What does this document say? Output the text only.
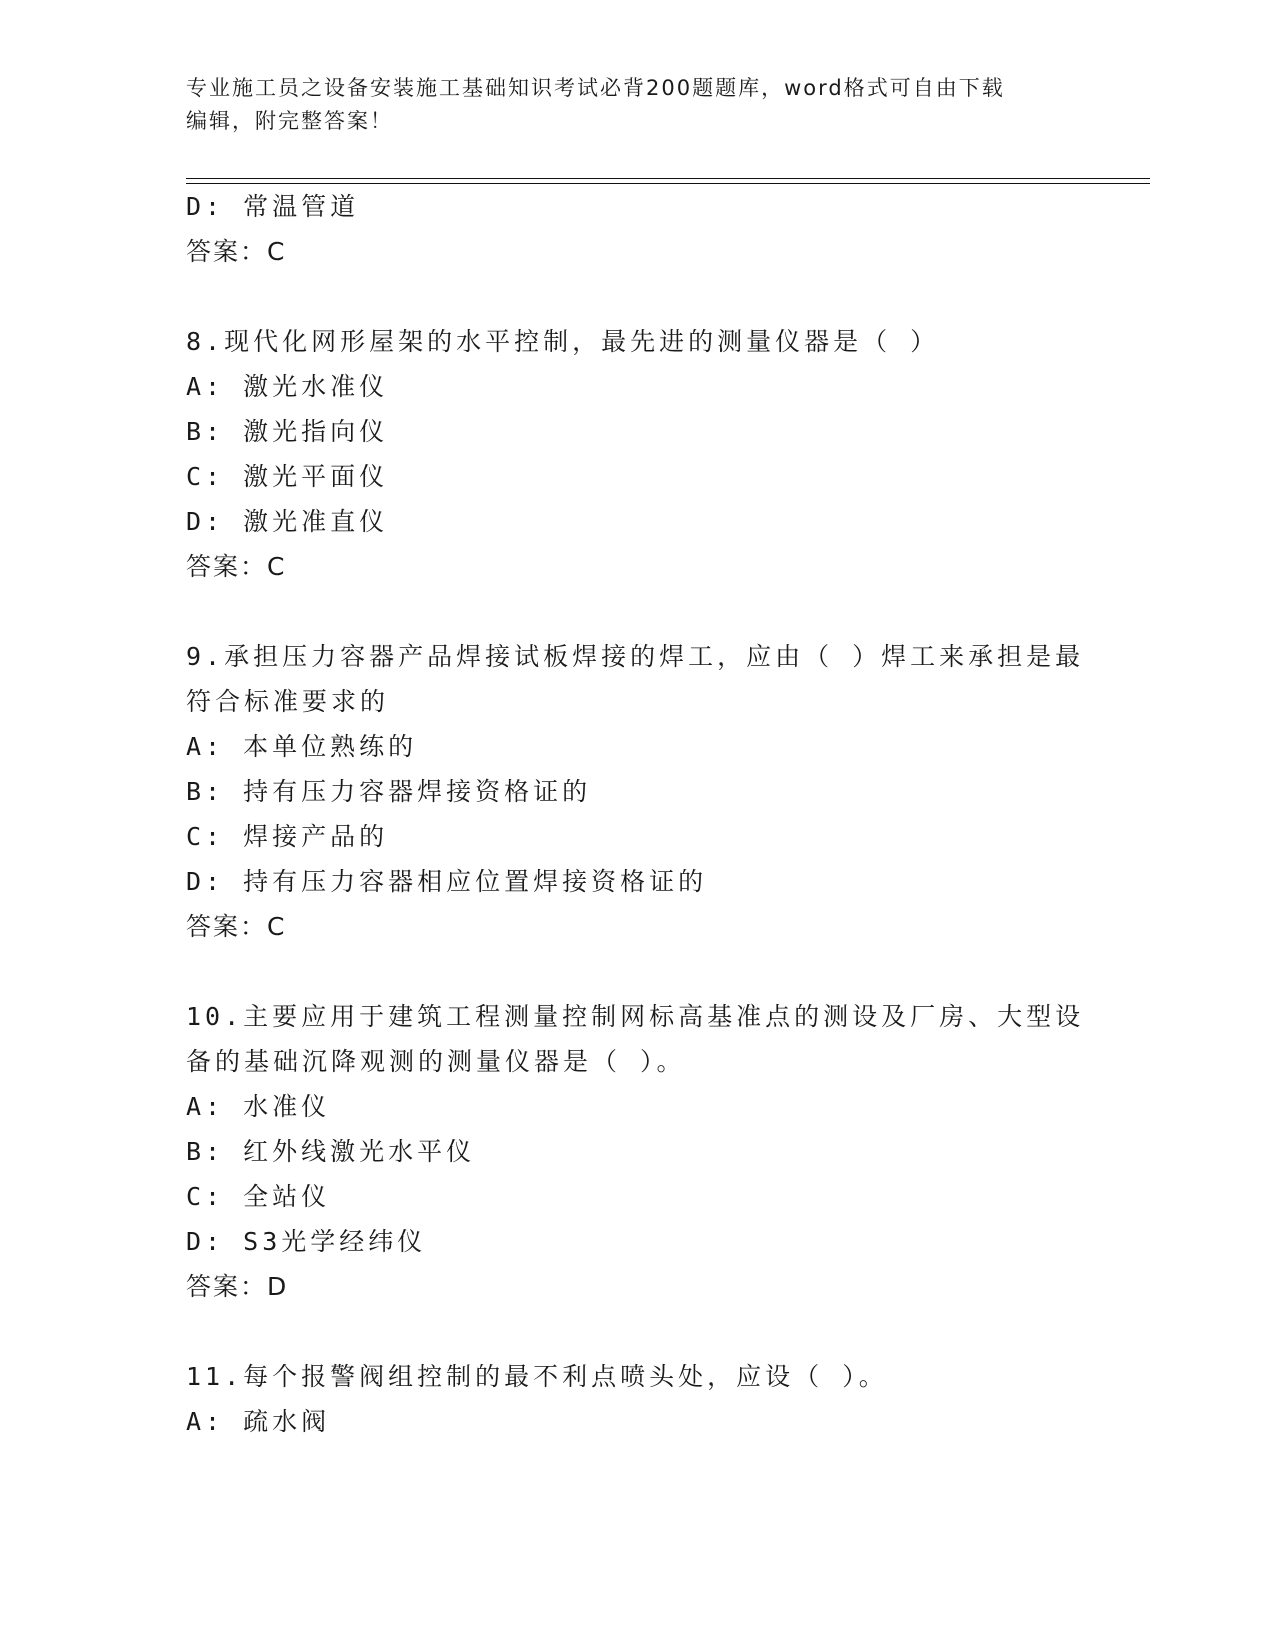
专业施工员之设备安装施工基础知识考试必背200题题库，word格式可自由下载
编辑，附完整答案！
D: 常温管道
答案：C
8.现代化网形屋架的水平控制，最先进的测量仪器是（ ）
A: 激光水准仪
B: 激光指向仪
C: 激光平面仪
D: 激光准直仪
答案：C
9.承担压力容器产品焊接试板焊接的焊工，应由（ ）焊工来承担是最
符合标准要求的
A: 本单位熟练的
B: 持有压力容器焊接资格证的
C: 焊接产品的
D: 持有压力容器相应位置焊接资格证的
答案：C
10.主要应用于建筑工程测量控制网标高基准点的测设及厂房、大型设
备的基础沉降观测的测量仪器是（ ）。
A: 水准仪
B: 红外线激光水平仪
C: 全站仪
D: S3光学经纬仪
答案：D
11.每个报警阀组控制的最不利点喷头处，应设（ ）。
A: 疏水阀
